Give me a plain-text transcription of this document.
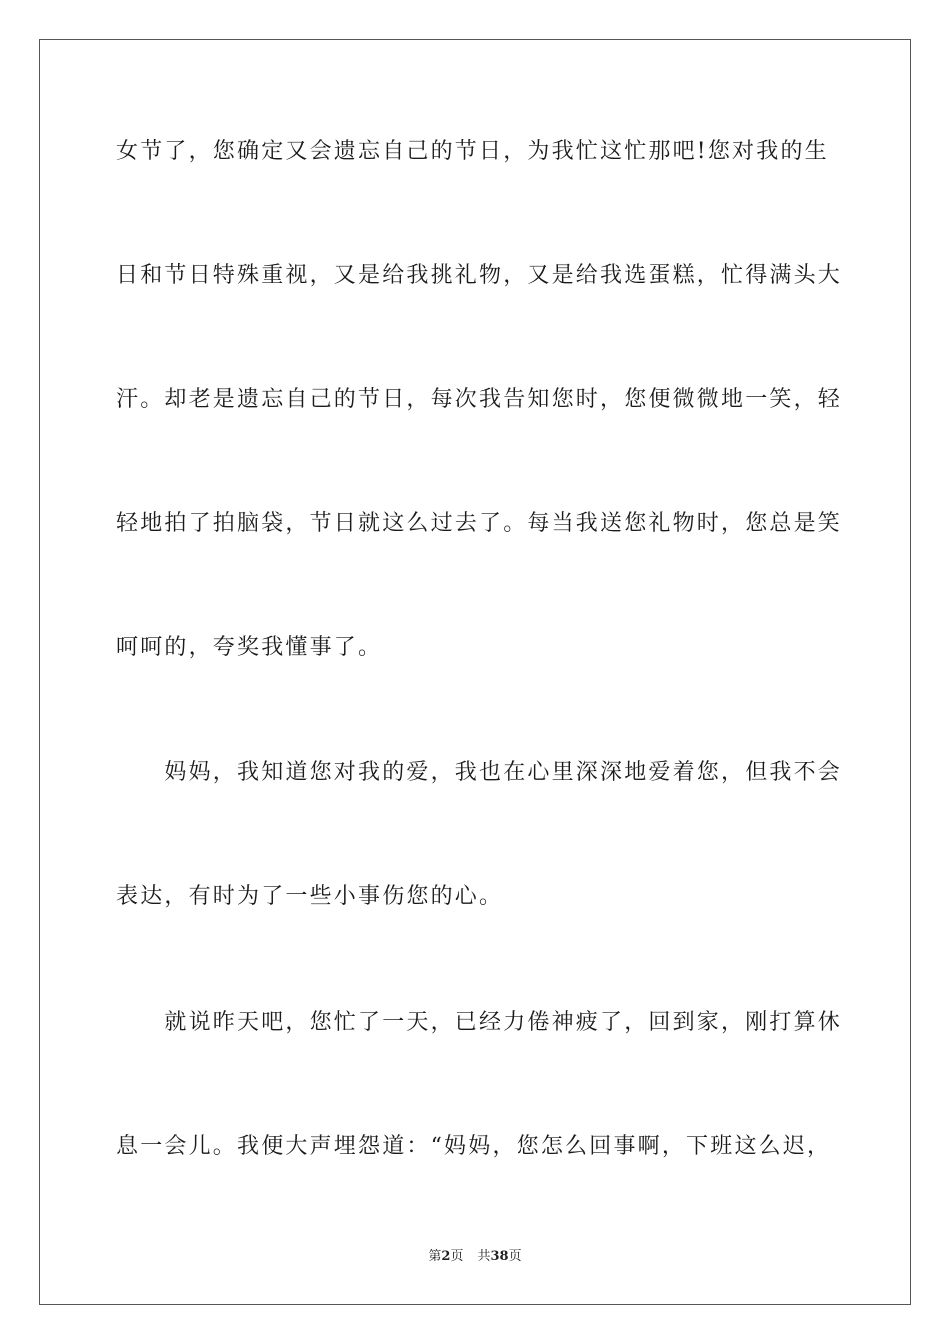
女节了，您确定又会遗忘自己的节日，为我忙这忙那吧!您对我的生
日和节日特殊重视，又是给我挑礼物，又是给我选蛋糕，忙得满头大
汗。却老是遗忘自己的节日，每次我告知您时，您便微微地一笑，轻
轻地拍了拍脑袋，节日就这么过去了。每当我送您礼物时，您总是笑
呵呵的，夸奖我懂事了。
　　妈妈，我知道您对我的爱，我也在心里深深地爱着您，但我不会
表达，有时为了一些小事伤您的心。
　　就说昨天吧，您忙了一天，已经力倦神疲了，回到家，刚打算休
息一会儿。我便大声埋怨道：“妈妈，您怎么回事啊，下班这么迟，
第2页 共38页
